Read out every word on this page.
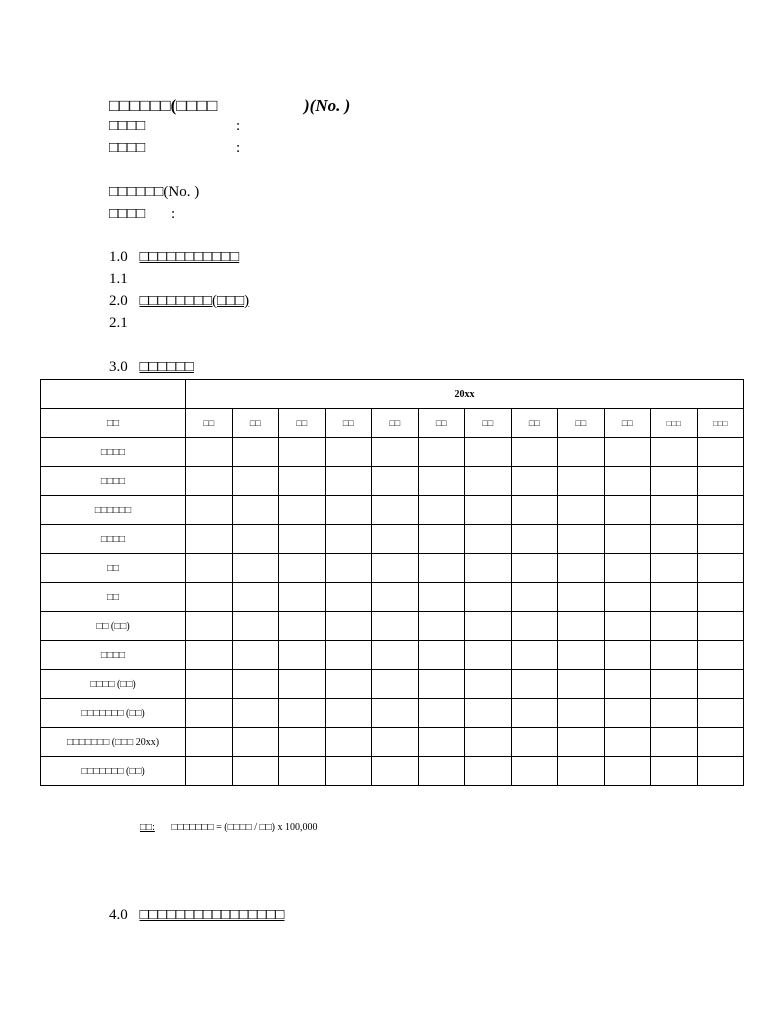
□□□□□□(□□□□	)(No. )
□□□□	:
□□□□	:
□□□□□□(No. )
□□□□ :
1.0 □□□□□□□□□□□
1.1
2.0 □□□□□□□□(□□□)
2.1
3.0 □□□□□□
	20xx											
□□	□□	□□	□□	□□	□□	□□	□□	□□	□□	□□	□□□	□□□
□□□□												
□□□□												
□□□□□□												
□□□□												
□□												
□□												
□□ (□□)												
□□□□												
□□□□ (□□)												
□□□□□□□ (□□)												
□□□□□□□ (□□□ 20xx)												
□□□□□□□ (□□)												
□□: □□□□□□□ = (□□□□ / □□) x 100,000
4.0 □□□□□□□□□□□□□□□□
